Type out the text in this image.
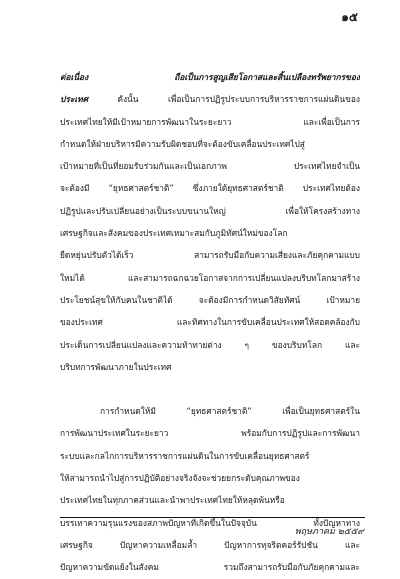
๑๕

ต่อเนื่อง ถือเป็นการสูญเสียโอกาสและสิ้นเปลืองทรัพยากรของ
ประเทศ ดังนั้น เพื่อเป็นการปฏิรูประบบการบริหารราชการแผ่นดินของ
ประเทศไทยให้มีเป้าหมายการพัฒนาในระยะยาว และเพื่อเป็นการ
กำหนดให้ฝ่ายบริหารมีความรับผิดชอบที่จะต้องขับเคลื่อนประเทศไปสู่
เป้าหมายที่เป็นที่ยอมรับร่วมกันและเป็นเอกภาพ ประเทศไทยจำเป็น
จะต้องมี “ยุทธศาสตร์ชาติ” ซึ่งภายใต้ยุทธศาสตร์ชาติ ประเทศไทยต้อง
ปฏิรูปและปรับเปลี่ยนอย่างเป็นระบบขนานใหญ่ เพื่อให้โครงสร้างทาง
เศรษฐกิจและสังคมของประเทศเหมาะสมกับภูมิทัศน์ใหม่ของโลก
ยืดหยุ่นปรับตัวได้เร็ว สามารถรับมือกับความเสี่ยงและภัยคุกคามแบบ
ใหม่ได้ และสามารถฉกฉวยโอกาสจากการเปลี่ยนแปลงบริบทโลกมาสร้าง
ประโยชน์สุขให้กับคนในชาติได้ จะต้องมีการกำหนดวิสัยทัศน์ เป้าหมาย
ของประเทศ และทิศทางในการขับเคลื่อนประเทศให้สอดคล้องกับ
ประเด็นการเปลี่ยนแปลงและความท้าทายต่าง ๆ ของบริบทโลก และ
บริบทการพัฒนาภายในประเทศ

การกำหนดให้มี “ยุทธศาสตร์ชาติ” เพื่อเป็นยุทธศาสตร์ใน
การพัฒนาประเทศในระยะยาว พร้อมกับการปฏิรูปและการพัฒนา
ระบบและกลไกการบริหารราชการแผ่นดินในการขับเคลื่อนยุทธศาสตร์
ให้สามารถนำไปสู่การปฏิบัติอย่างจริงจังจะช่วยยกระดับคุณภาพของ
ประเทศไทยในทุกภาคส่วนและนำพาประเทศไทยให้หลุดพ้นหรือ
บรรเทาความรุนแรงของสภาพปัญหาที่เกิดขึ้นในปัจจุบัน ทั้งปัญหาทาง
เศรษฐกิจ ปัญหาความเหลื่อมล้ำ ปัญหาการทุจริตคอร์รัปชัน และ
ปัญหาความขัดแย้งในสังคม รวมถึงสามารถรับมือกับภัยคุกคามและ

พฤษภาคม ๒๕๕๙
